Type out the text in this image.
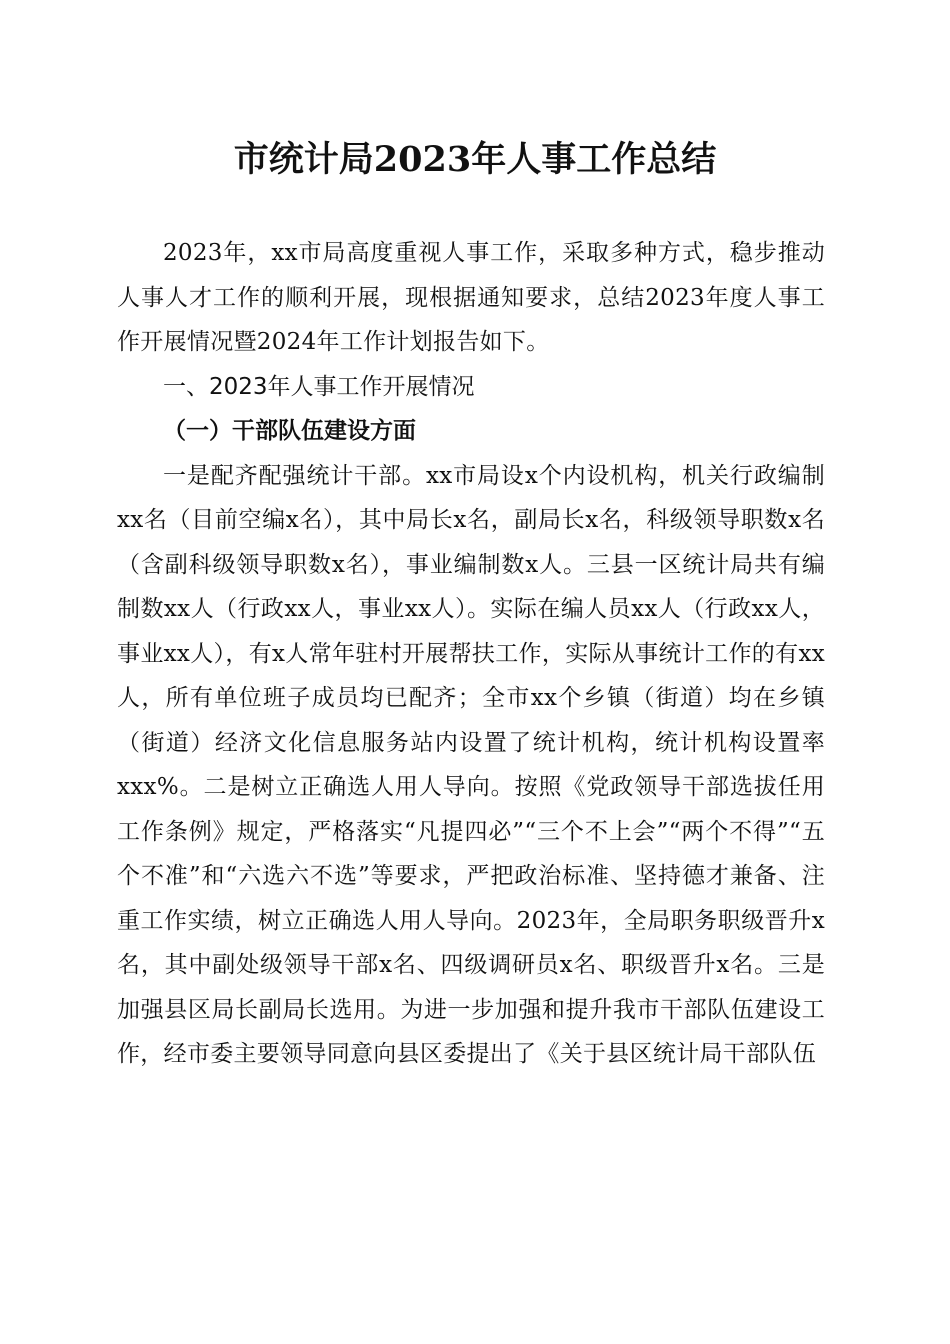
市统计局2023年人事工作总结

2023年，xx市局高度重视人事工作，采取多种方式，稳步推动人事人才工作的顺利开展，现根据通知要求，总结2023年度人事工作开展情况暨2024年工作计划报告如下。

一、2023年人事工作开展情况
（一）干部队伍建设方面

一是配齐配强统计干部。xx市局设x个内设机构，机关行政编制xx名（目前空编x名），其中局长x名，副局长x名，科级领导职数x名（含副科级领导职数x名），事业编制数x人。三县一区统计局共有编制数xx人（行政xx人，事业xx人）。实际在编人员xx人（行政xx人，事业xx人），有x人常年驻村开展帮扶工作，实际从事统计工作的有xx人，所有单位班子成员均已配齐；全市xx个乡镇（街道）均在乡镇（街道）经济文化信息服务站内设置了统计机构，统计机构设置率xxx%。二是树立正确选人用人导向。按照《党政领导干部选拔任用工作条例》规定，严格落实“凡提四必”“三个不上会”“两个不得”“五个不准”和“六选六不选”等要求，严把政治标准、坚持德才兼备、注重工作实绩，树立正确选人用人导向。2023年，全局职务职级晋升x名，其中副处级领导干部x名、四级调研员x名、职级晋升x名。三是加强县区局长副局长选用。为进一步加强和提升我市干部队伍建设工作，经市委主要领导同意向县区委提出了《关于县区统计局干部队伍
